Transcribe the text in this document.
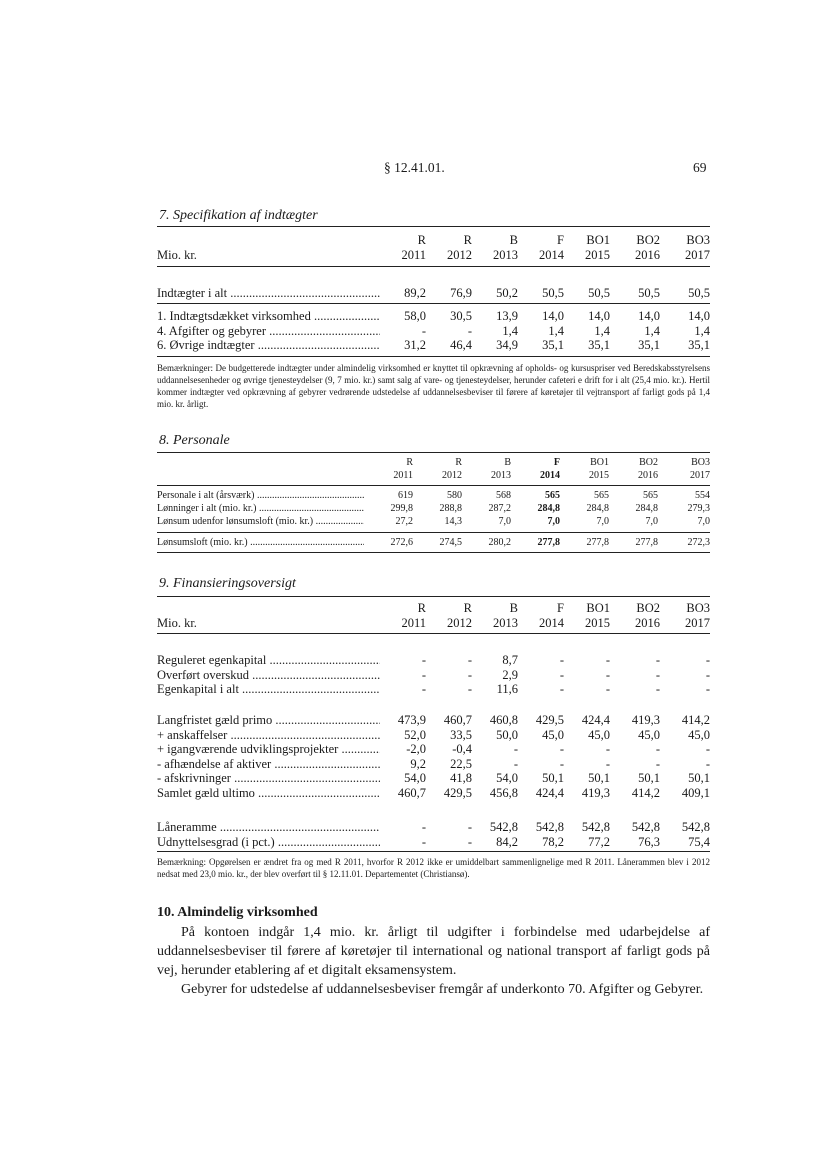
§ 12.41.01.	69
7. Specifikation af indtægter
	R	R	B	F	BO1	BO2	BO3
Mio. kr.	2011	2012	2013	2014	2015	2016	2017
Indtægter i alt .....	89,2	76,9	50,2	50,5	50,5	50,5	50,5
1. Indtægtsdækket virksomhed .....	58,0	30,5	13,9	14,0	14,0	14,0	14,0
4. Afgifter og gebyrer .....	-	-	1,4	1,4	1,4	1,4	1,4
6. Øvrige indtægter .....	31,2	46,4	34,9	35,1	35,1	35,1	35,1
Bemærkninger: De budgetterede indtægter under almindelig virksomhed er knyttet til opkrævning af opholds- og kursuspriser ved Beredskabsstyrelsens uddannelsesenheder og øvrige tjenesteydelser (9, 7 mio. kr.) samt salg af vare- og tjenesteydelser, herunder cafeteri e drift for i alt (25,4 mio. kr.). Hertil kommer indtægter ved opkrævning af gebyrer vedrørende udstedelse af uddannelsesbeviser til førere af køretøjer til vejtransport af farligt gods på 1,4 mio. kr. årligt.
8. Personale
	R	R	B	F	BO1	BO2	BO3
	2011	2012	2013	2014	2015	2016	2017
Personale i alt (årsværk) .....	619	580	568	565	565	565	554
Lønninger i alt (mio. kr.) .....	299,8	288,8	287,2	284,8	284,8	284,8	279,3
Lønsum udenfor lønsumsloft (mio. kr.) .....	27,2	14,3	7,0	7,0	7,0	7,0	7,0
Lønsumsloft (mio. kr.) .....	272,6	274,5	280,2	277,8	277,8	277,8	272,3
9. Finansieringsoversigt
	R	R	B	F	BO1	BO2	BO3
Mio. kr.	2011	2012	2013	2014	2015	2016	2017
Reguleret egenkapital .....	-	-	8,7	-	-	-	-
Overført overskud .....	-	-	2,9	-	-	-	-
Egenkapital i alt .....	-	-	11,6	-	-	-	-
Langfristet gæld primo .....	473,9	460,7	460,8	429,5	424,4	419,3	414,2
+ anskaffelser .....	52,0	33,5	50,0	45,0	45,0	45,0	45,0
+ igangværende udviklingsprojekter .....	-2,0	-0,4	-	-	-	-	-
- afhændelse af aktiver .....	9,2	22,5	-	-	-	-	-
- afskrivninger .....	54,0	41,8	54,0	50,1	50,1	50,1	50,1
Samlet gæld ultimo .....	460,7	429,5	456,8	424,4	419,3	414,2	409,1
Låneramme .....	-	-	542,8	542,8	542,8	542,8	542,8
Udnyttelsesgrad (i pct.) .....	-	-	84,2	78,2	77,2	76,3	75,4
Bemærkning: Opgørelsen er ændret fra og med R 2011, hvorfor R 2012 ikke er umiddelbart sammenlignelige med R 2011. Lånerammen blev i 2012 nedsat med 23,0 mio. kr., der blev overført til § 12.11.01. Departementet (Christiansø).
10. Almindelig virksomhed
På kontoen indgår 1,4 mio. kr. årligt til udgifter i forbindelse med udarbejdelse af uddannelsesbeviser til førere af køretøjer til international og national transport af farligt gods på vej, herunder etablering af et digitalt eksamensystem.
Gebyrer for udstedelse af uddannelsesbeviser fremgår af underkonto 70. Afgifter og Gebyrer.
